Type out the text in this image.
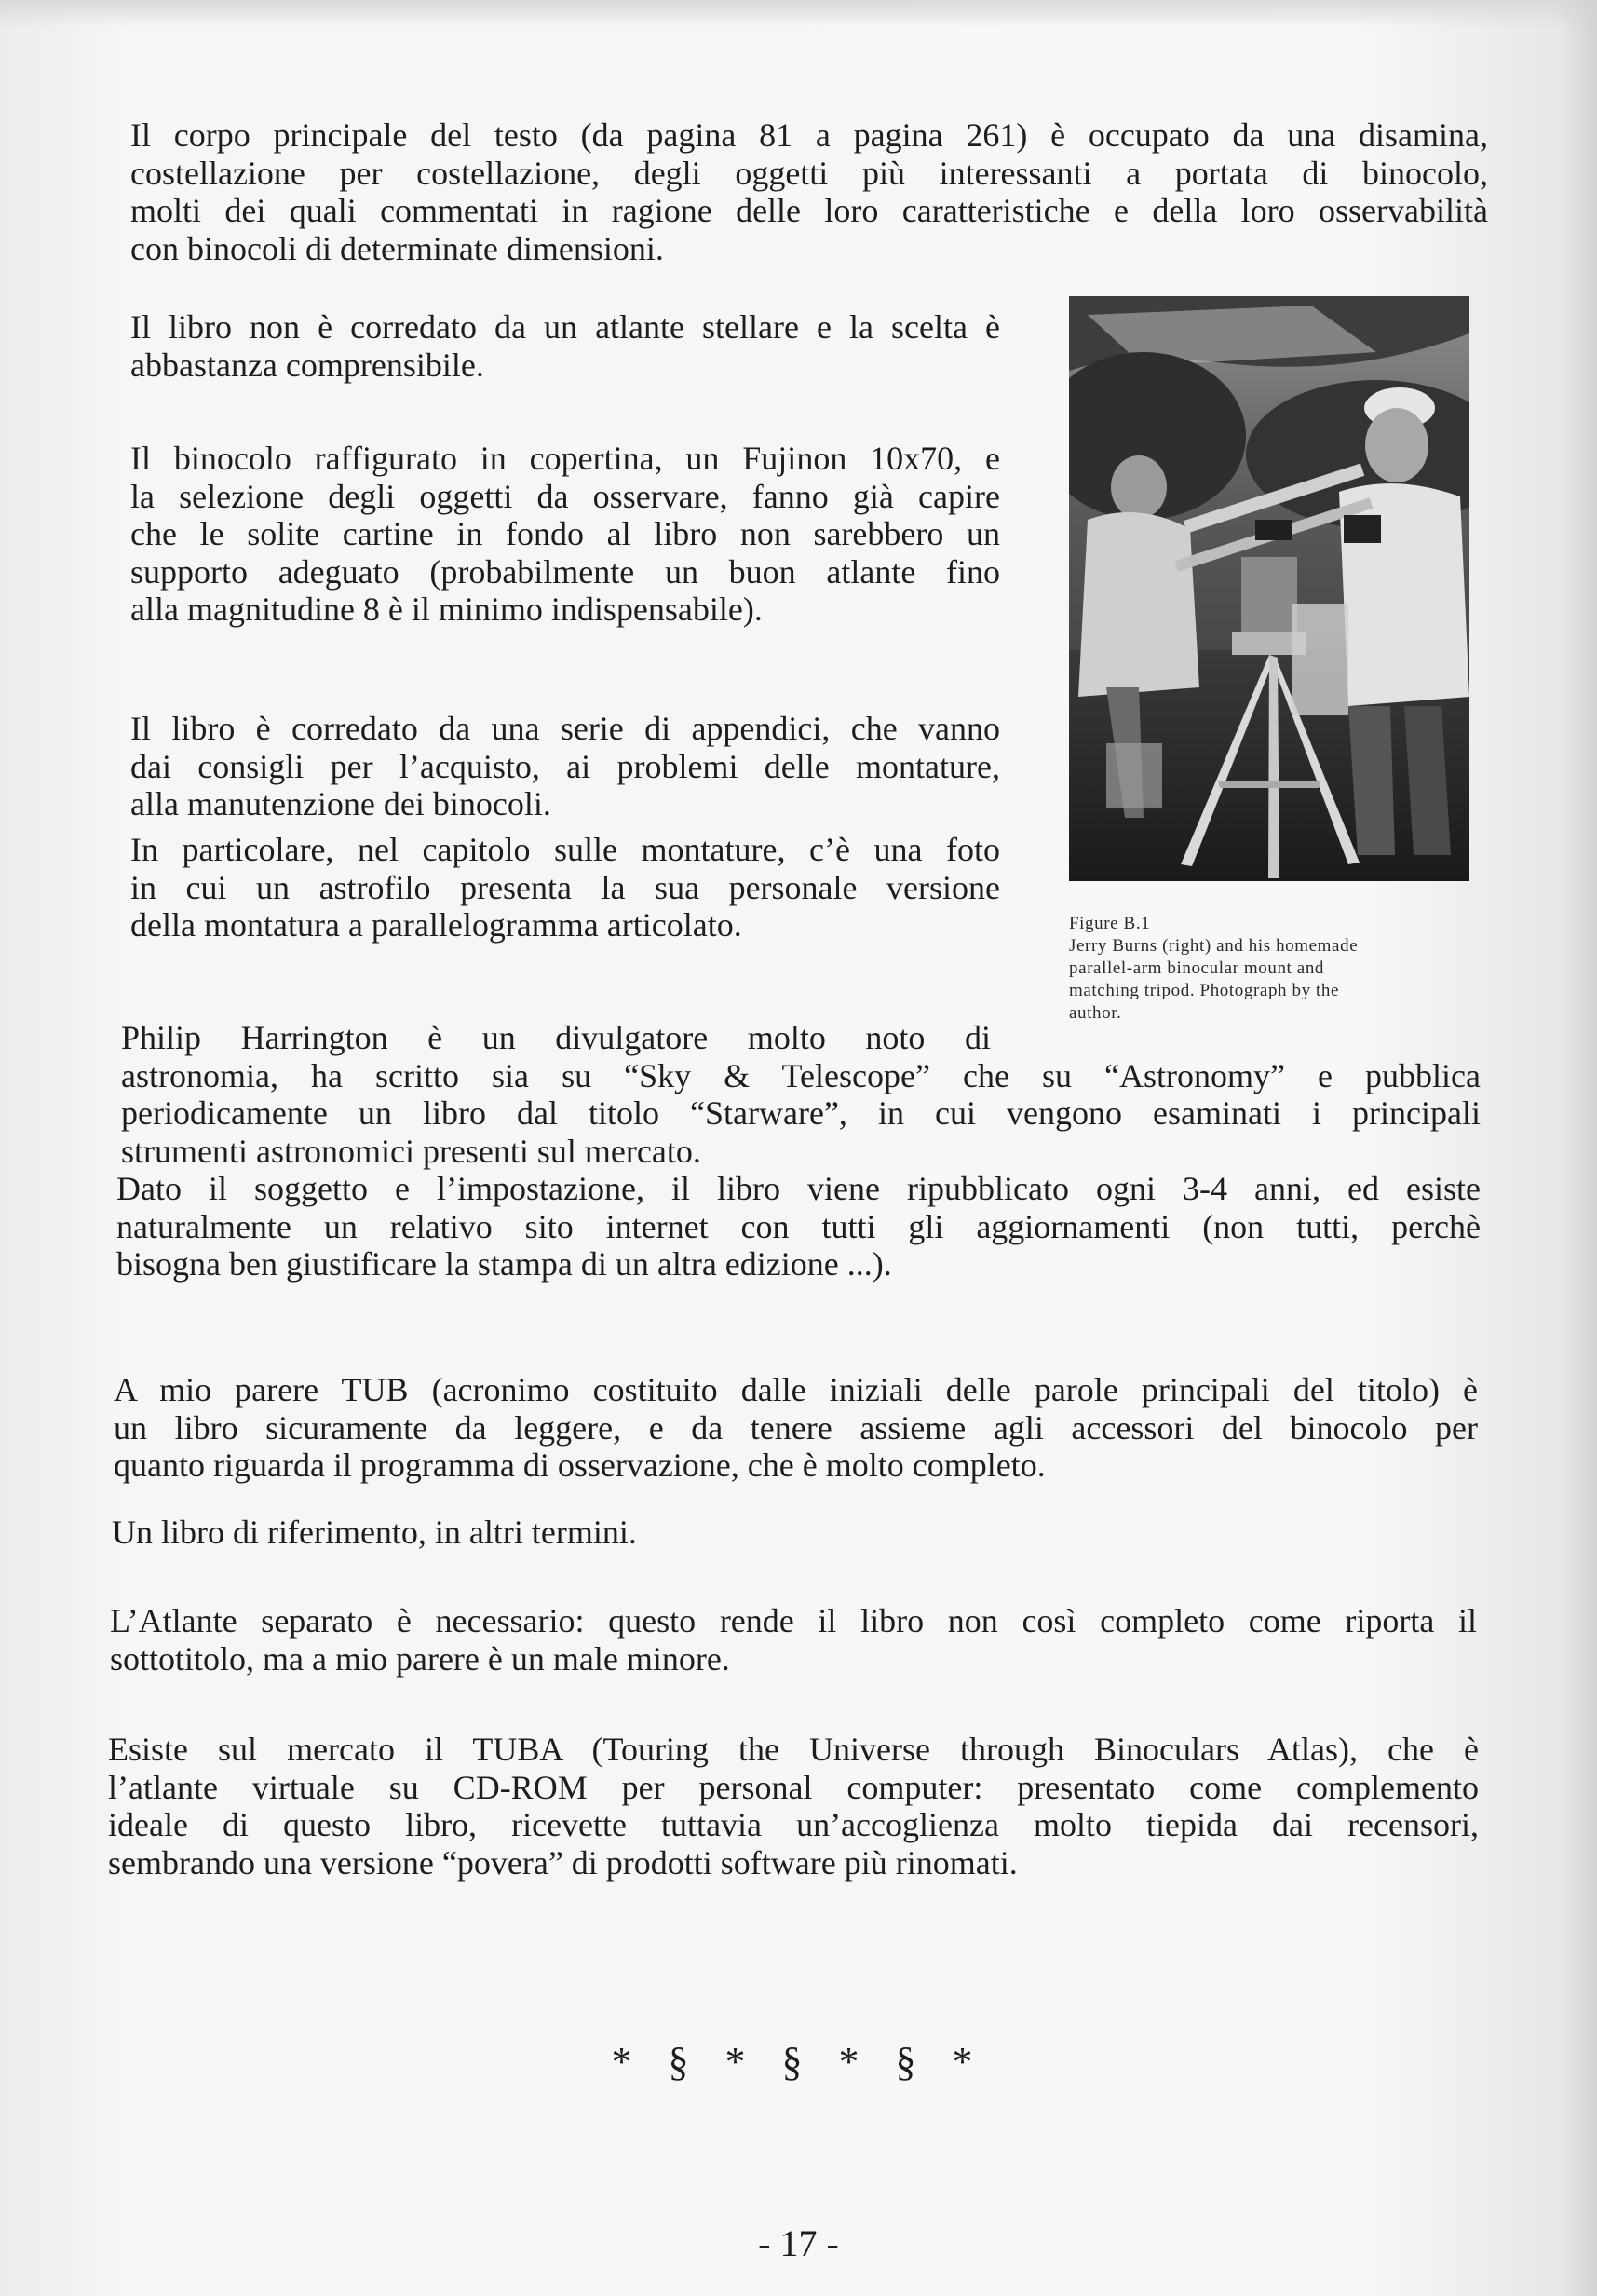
Il corpo principale del testo (da pagina 81 a pagina 261) è occupato da una disamina,
costellazione per costellazione, degli oggetti più interessanti a portata di binocolo,
molti dei quali commentati in ragione delle loro caratteristiche e della loro osservabilità
con binocoli di determinate dimensioni.

Il libro non è corredato da un atlante stellare e la scelta è
abbastanza comprensibile.

Il binocolo raffigurato in copertina, un Fujinon 10x70, e
la selezione degli oggetti da osservare, fanno già capire
che le solite cartine in fondo al libro non sarebbero un
supporto adeguato (probabilmente un buon atlante fino
alla magnitudine 8 è il minimo indispensabile).

Il libro è corredato da una serie di appendici, che vanno
dai consigli per l’acquisto, ai problemi delle montature,
alla manutenzione dei binocoli.

In particolare, nel capitolo sulle montature, c’è una foto
in cui un astrofilo presenta la sua personale versione
della montatura a parallelogramma articolato.

Philip Harrington è un divulgatore molto noto di
astronomia, ha scritto sia su “Sky & Telescope” che su “Astronomy” e pubblica
periodicamente un libro dal titolo “Starware”, in cui vengono esaminati i principali
strumenti astronomici presenti sul mercato.

Dato il soggetto e l’impostazione, il libro viene ripubblicato ogni 3-4 anni, ed esiste
naturalmente un relativo sito internet con tutti gli aggiornamenti (non tutti, perchè
bisogna ben giustificare la stampa di un altra edizione ...).

A mio parere TUB (acronimo costituito dalle iniziali delle parole principali del titolo) è
un libro sicuramente da leggere, e da tenere assieme agli accessori del binocolo per
quanto riguarda il programma di osservazione, che è molto completo.

Un libro di riferimento, in altri termini.

L’Atlante separato è necessario: questo rende il libro non così completo come riporta il
sottotitolo, ma a mio parere è un male minore.

Esiste sul mercato il TUBA (Touring the Universe through Binoculars Atlas), che è
l’atlante virtuale su CD-ROM per personal computer: presentato come complemento
ideale di questo libro, ricevette tuttavia un’accoglienza molto tiepida dai recensori,
sembrando una versione “povera” di prodotti software più rinomati.

Figure B.1
Jerry Burns (right) and his homemade
parallel-arm binocular mount and
matching tripod. Photograph by the
author.
* § * § * § *
- 17 -
